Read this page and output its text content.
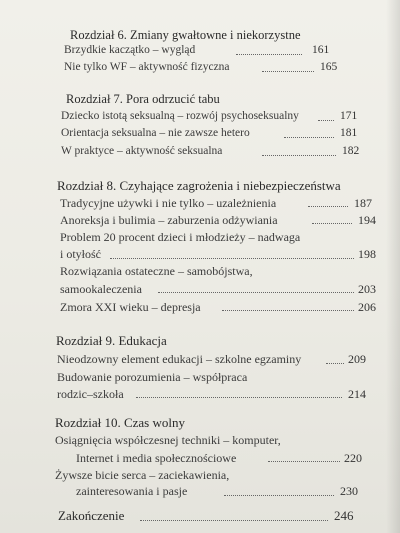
Rozdział 6. Zmiany gwałtowne i niekorzystne
Brzydkie kaczątko – wygląd	161
Nie tylko WF – aktywność fizyczna	165
Rozdział 7. Pora odrzucić tabu
Dziecko istotą seksualną – rozwój psychoseksualny	171
Orientacja seksualna – nie zawsze hetero	181
W praktyce – aktywność seksualna	182
Rozdział 8. Czyhające zagrożenia i niebezpieczeństwa
Tradycyjne używki i nie tylko – uzależnienia	187
Anoreksja i bulimia – zaburzenia odżywiania	194
Problem 20 procent dzieci i młodzieży – nadwaga
i otyłość	198
Rozwiązania ostateczne – samobójstwa,
samookaleczenia	203
Zmora XXI wieku – depresja	206
Rozdział 9. Edukacja
Nieodzowny element edukacji – szkolne egzaminy	209
Budowanie porozumienia – współpraca
rodzic–szkoła	214
Rozdział 10. Czas wolny
Osiągnięcia współczesnej techniki – komputer,
Internet i media społecznościowe	220
Żywsze bicie serca – zaciekawienia,
zainteresowania i pasje	230
Zakończenie	246
